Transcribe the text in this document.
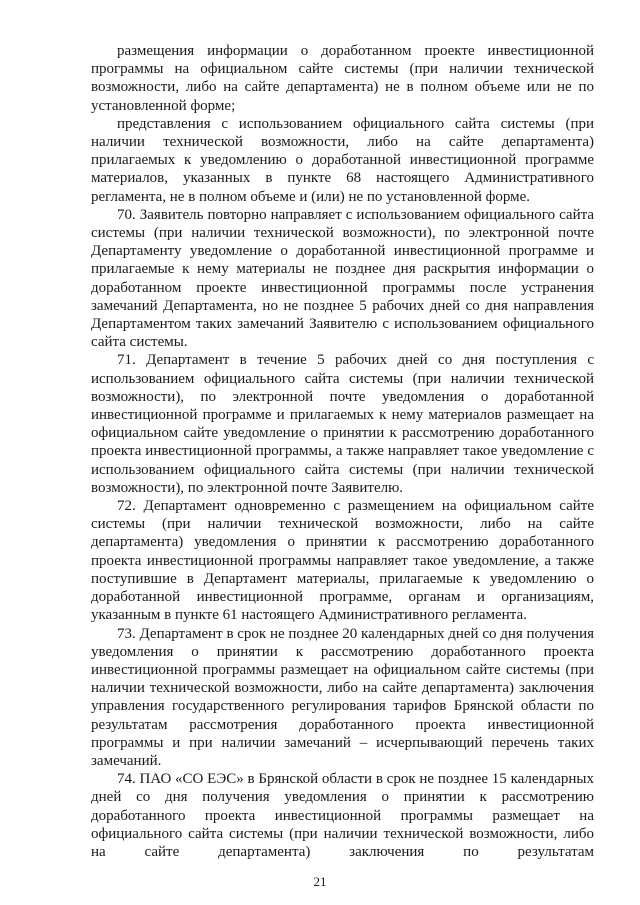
размещения информации о доработанном проекте инвестиционной программы на официальном сайте системы (при наличии технической возможности, либо на сайте департамента) не в полном объеме или не по установленной форме;

представления с использованием официального сайта системы (при наличии технической возможности, либо на сайте департамента) прилагаемых к уведомлению о доработанной инвестиционной программе материалов, указанных в пункте 68 настоящего Административного регламента, не в полном объеме и (или) не по установленной форме.

70. Заявитель повторно направляет с использованием официального сайта системы (при наличии технической возможности), по электронной почте Департаменту уведомление о доработанной инвестиционной программе и прилагаемые к нему материалы не позднее дня раскрытия информации о доработанном проекте инвестиционной программы после устранения замечаний Департамента, но не позднее 5 рабочих дней со дня направления Департаментом таких замечаний Заявителю с использованием официального сайта системы.

71. Департамент в течение 5 рабочих дней со дня поступления с использованием официального сайта системы (при наличии технической возможности), по электронной почте уведомления о доработанной инвестиционной программе и прилагаемых к нему материалов размещает на официальном сайте уведомление о принятии к рассмотрению доработанного проекта инвестиционной программы, а также направляет такое уведомление с использованием официального сайта системы (при наличии технической возможности), по электронной почте Заявителю.

72. Департамент одновременно с размещением на официальном сайте системы (при наличии технической возможности, либо на сайте департамента) уведомления о принятии к рассмотрению доработанного проекта инвестиционной программы направляет такое уведомление, а также поступившие в Департамент материалы, прилагаемые к уведомлению о доработанной инвестиционной программе, органам и организациям, указанным в пункте 61 настоящего Административного регламента.

73. Департамент в срок не позднее 20 календарных дней со дня получения уведомления о принятии к рассмотрению доработанного проекта инвестиционной программы размещает на официальном сайте системы (при наличии технической возможности, либо на сайте департамента) заключения управления государственного регулирования тарифов Брянской области по результатам рассмотрения доработанного проекта инвестиционной программы и при наличии замечаний – исчерпывающий перечень таких замечаний.

74. ПАО «СО ЕЭС» в Брянской области в срок не позднее 15 календарных дней со дня получения уведомления о принятии к рассмотрению доработанного проекта инвестиционной программы размещает на официального сайта системы (при наличии технической возможности, либо на сайте департамента) заключения по результатам

21
